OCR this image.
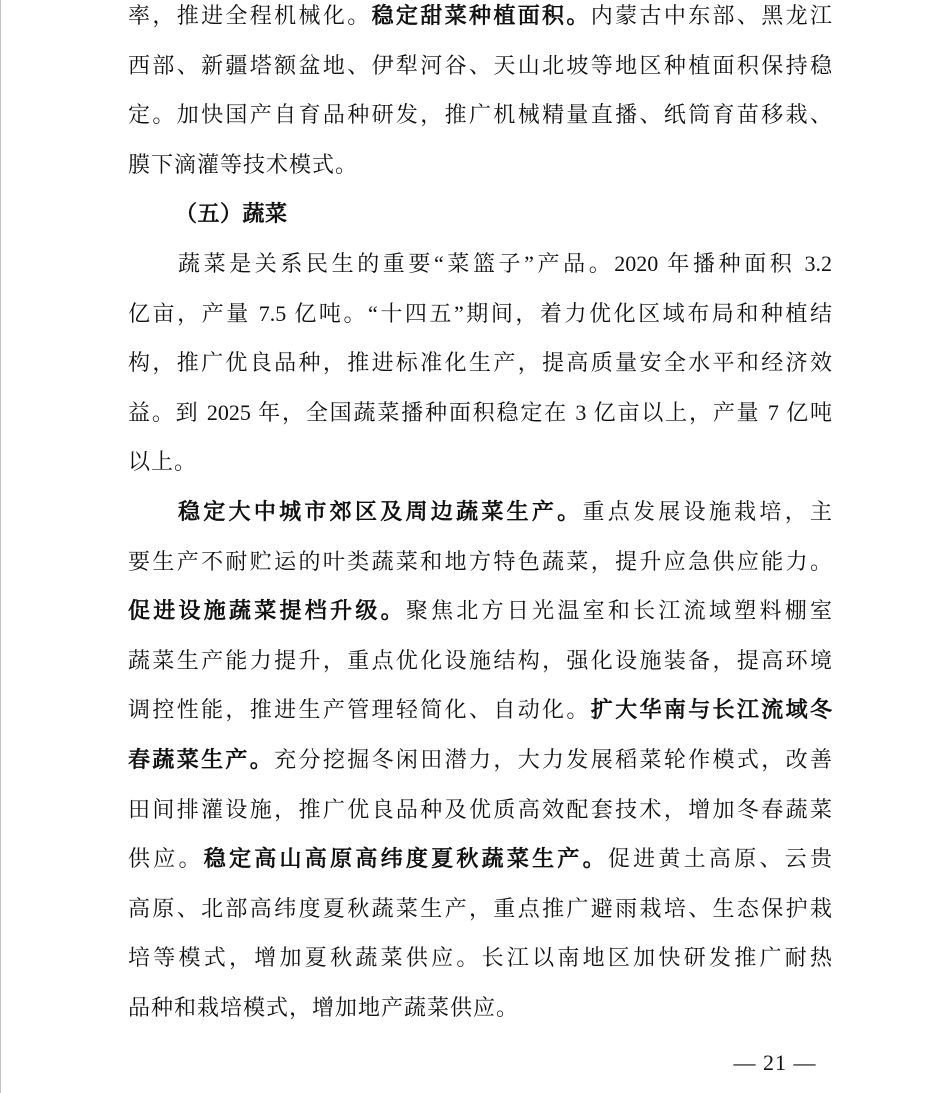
率，推进全程机械化。稳定甜菜种植面积。内蒙古中东部、黑龙江
西部、新疆塔额盆地、伊犁河谷、天山北坡等地区种植面积保持稳
定。加快国产自育品种研发，推广机械精量直播、纸筒育苗移栽、
膜下滴灌等技术模式。
（五）蔬菜
蔬菜是关系民生的重要“菜篮子”产品。2020 年播种面积 3.2
亿亩，产量 7.5 亿吨。“十四五”期间，着力优化区域布局和种植结
构，推广优良品种，推进标准化生产，提高质量安全水平和经济效
益。到 2025 年，全国蔬菜播种面积稳定在 3 亿亩以上，产量 7 亿吨
以上。
稳定大中城市郊区及周边蔬菜生产。重点发展设施栽培，主
要生产不耐贮运的叶类蔬菜和地方特色蔬菜，提升应急供应能力。
促进设施蔬菜提档升级。聚焦北方日光温室和长江流域塑料棚室
蔬菜生产能力提升，重点优化设施结构，强化设施装备，提高环境
调控性能，推进生产管理轻简化、自动化。扩大华南与长江流域冬
春蔬菜生产。充分挖掘冬闲田潜力，大力发展稻菜轮作模式，改善
田间排灌设施，推广优良品种及优质高效配套技术，增加冬春蔬菜
供应。稳定高山高原高纬度夏秋蔬菜生产。促进黄土高原、云贵
高原、北部高纬度夏秋蔬菜生产，重点推广避雨栽培、生态保护栽
培等模式，增加夏秋蔬菜供应。长江以南地区加快研发推广耐热
品种和栽培模式，增加地产蔬菜供应。
— 21 —
